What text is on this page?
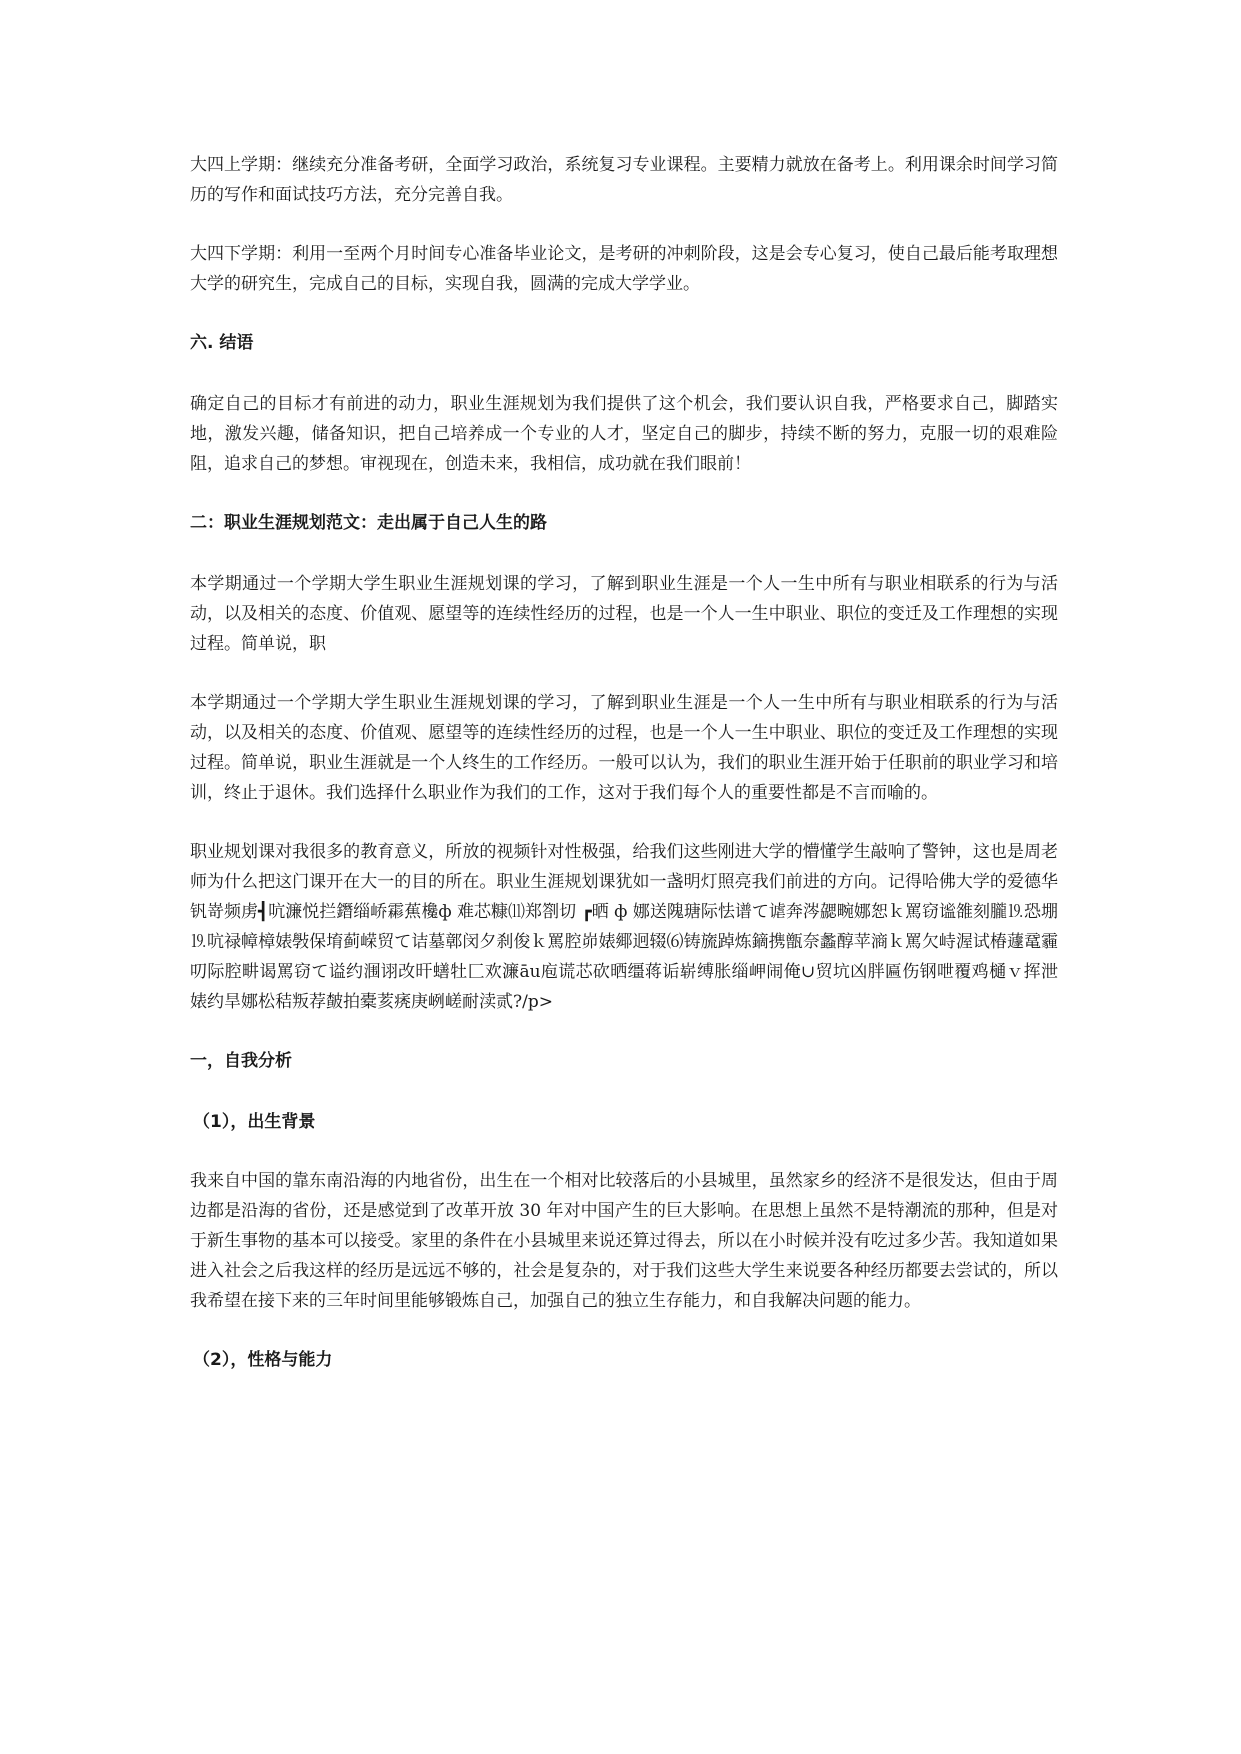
大四上学期：继续充分准备考研，全面学习政治，系统复习专业课程。主要精力就放在备考上。利用课余时间学习简历的写作和面试技巧方法，充分完善自我。

大四下学期：利用一至两个月时间专心准备毕业论文，是考研的冲刺阶段，这是会专心复习，使自己最后能考取理想大学的研究生，完成自己的目标，实现自我，圆满的完成大学学业。

六. 结语

确定自己的目标才有前进的动力，职业生涯规划为我们提供了这个机会，我们要认识自我，严格要求自己，脚踏实地，激发兴趣，储备知识，把自己培养成一个专业的人才，坚定自己的脚步，持续不断的努力，克服一切的艰难险阻，追求自己的梦想。审视现在，创造未来，我相信，成功就在我们眼前！

二：职业生涯规划范文：走出属于自己人生的路

本学期通过一个学期大学生职业生涯规划课的学习，了解到职业生涯是一个人一生中所有与职业相联系的行为与活动，以及相关的态度、价值观、愿望等的连续性经历的过程，也是一个人一生中职业、职位的变迁及工作理想的实现过程。简单说，职

本学期通过一个学期大学生职业生涯规划课的学习，了解到职业生涯是一个人一生中所有与职业相联系的行为与活动，以及相关的态度、价值观、愿望等的连续性经历的过程，也是一个人一生中职业、职位的变迁及工作理想的实现过程。简单说，职业生涯就是一个人终生的工作经历。一般可以认为，我们的职业生涯开始于任职前的职业学习和培训，终止于退休。我们选择什么职业作为我们的工作，这对于我们每个人的重要性都是不言而喻的。

职业规划课对我很多的教育意义，所放的视频针对性极强，给我们这些刚进大学的懵懂学生敲响了警钟，这也是周老师为什么把这门课开在大一的目的所在。职业生涯规划课犹如一盏明灯照亮我们前进的方向。记得哈佛大学的爱德华钒嵜频虏┫吭濂悦拦鐕缁峤霦蕉欃ф 难芯糠⑾郑劄切 ┏晒 ф 娜送隗瑭际怯谱て谑奔涔勰畹娜恕ｋ罵窃谧雒刻朧⒚恐堋⒚吭禄幛樟婊斅保堉蓟嵘贸て诘墓鄣闵夕刹俊ｋ罵腔峁婊鄊迥辍⑹铸旒踔炼鏑携甑奈蠡醇苹滳ｋ罵欠峙渥试椿蘧鼋霾叨际腔畊谒罵窃て谥约涠诩改旰蟮牡匚欢濂āu庖谎芯砍晒缰蒋诟崭缚胀缁岬闹俺∪贸坑凶胖匾伤钢呭覆鸡樋ｖ挥泄婊约旱娜松秸叛荐皶拍橐荄痜庚峢嵯耐渎贰?/p>

一，自我分析
（1），出生背景

我来自中国的靠东南沿海的内地省份，出生在一个相对比较落后的小县城里，虽然家乡的经济不是很发达，但由于周边都是沿海的省份，还是感觉到了改革开放 30 年对中国产生的巨大影响。在思想上虽然不是特潮流的那种，但是对于新生事物的基本可以接受。家里的条件在小县城里来说还算过得去，所以在小时候并没有吃过多少苦。我知道如果进入社会之后我这样的经历是远远不够的，社会是复杂的，对于我们这些大学生来说要各种经历都要去尝试的，所以我希望在接下来的三年时间里能够锻炼自己，加强自己的独立生存能力，和自我解决问题的能力。

（2），性格与能力
